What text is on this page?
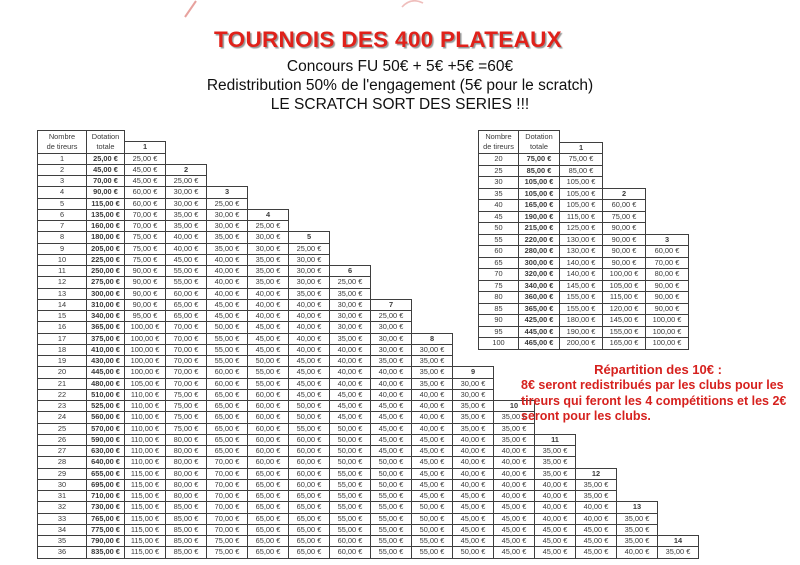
TOURNOIS DES 400 PLATEAUX
Concours FU 50€ + 5€ +5€ =60€
Redistribution 50% de l'engagement (5€ pour le scratch)
LE SCRATCH SORT DES SERIES !!!
Nombre
de tireurs

Dotation
totale

		1													
1	25,00 €	25,00 €													
2	45,00 €	45,00 €	2												
3	70,00 €	45,00 €	25,00 €												
4	90,00 €	60,00 €	30,00 €	3											
5	115,00 €	60,00 €	30,00 €	25,00 €											
6	135,00 €	70,00 €	35,00 €	30,00 €	4										
7	160,00 €	70,00 €	35,00 €	30,00 €	25,00 €										
8	180,00 €	75,00 €	40,00 €	35,00 €	30,00 €	5									
9	205,00 €	75,00 €	40,00 €	35,00 €	30,00 €	25,00 €									
10	225,00 €	75,00 €	45,00 €	40,00 €	35,00 €	30,00 €									
11	250,00 €	90,00 €	55,00 €	40,00 €	35,00 €	30,00 €	6								
12	275,00 €	90,00 €	55,00 €	40,00 €	35,00 €	30,00 €	25,00 €								
13	300,00 €	90,00 €	60,00 €	40,00 €	40,00 €	35,00 €	35,00 €								
14	310,00 €	90,00 €	65,00 €	45,00 €	40,00 €	40,00 €	30,00 €	7							
15	340,00 €	95,00 €	65,00 €	45,00 €	40,00 €	40,00 €	30,00 €	25,00 €							
16	365,00 €	100,00 €	70,00 €	50,00 €	45,00 €	40,00 €	30,00 €	30,00 €							
17	375,00 €	100,00 €	70,00 €	55,00 €	45,00 €	40,00 €	35,00 €	30,00 €	8						
18	410,00 €	100,00 €	70,00 €	55,00 €	45,00 €	40,00 €	40,00 €	30,00 €	30,00 €						
19	430,00 €	100,00 €	70,00 €	55,00 €	50,00 €	45,00 €	40,00 €	35,00 €	35,00 €						
20	445,00 €	100,00 €	70,00 €	60,00 €	55,00 €	45,00 €	40,00 €	40,00 €	35,00 €	9					
21	480,00 €	105,00 €	70,00 €	60,00 €	55,00 €	45,00 €	40,00 €	40,00 €	35,00 €	30,00 €					
22	510,00 €	110,00 €	75,00 €	65,00 €	60,00 €	45,00 €	45,00 €	40,00 €	40,00 €	30,00 €					
23	525,00 €	110,00 €	75,00 €	65,00 €	60,00 €	50,00 €	45,00 €	45,00 €	40,00 €	35,00 €	10				
24	560,00 €	110,00 €	75,00 €	65,00 €	60,00 €	50,00 €	45,00 €	45,00 €	40,00 €	35,00 €	35,00 €				
25	570,00 €	110,00 €	75,00 €	65,00 €	60,00 €	55,00 €	50,00 €	45,00 €	40,00 €	35,00 €	35,00 €				
26	590,00 €	110,00 €	80,00 €	65,00 €	60,00 €	60,00 €	50,00 €	45,00 €	45,00 €	40,00 €	35,00 €	11			
27	630,00 €	110,00 €	80,00 €	65,00 €	60,00 €	60,00 €	50,00 €	45,00 €	45,00 €	40,00 €	40,00 €	35,00 €			
28	640,00 €	110,00 €	80,00 €	70,00 €	60,00 €	60,00 €	50,00 €	50,00 €	45,00 €	40,00 €	40,00 €	35,00 €			
29	655,00 €	115,00 €	80,00 €	70,00 €	65,00 €	60,00 €	55,00 €	50,00 €	45,00 €	40,00 €	40,00 €	35,00 €	12		
30	695,00 €	115,00 €	80,00 €	70,00 €	65,00 €	60,00 €	55,00 €	50,00 €	45,00 €	40,00 €	40,00 €	40,00 €	35,00 €		
31	710,00 €	115,00 €	80,00 €	70,00 €	65,00 €	65,00 €	55,00 €	55,00 €	45,00 €	45,00 €	40,00 €	40,00 €	35,00 €		
32	730,00 €	115,00 €	85,00 €	70,00 €	65,00 €	65,00 €	55,00 €	55,00 €	50,00 €	45,00 €	45,00 €	40,00 €	40,00 €	13	
33	765,00 €	115,00 €	85,00 €	70,00 €	65,00 €	65,00 €	55,00 €	55,00 €	50,00 €	45,00 €	45,00 €	40,00 €	40,00 €	35,00 €	
34	775,00 €	115,00 €	85,00 €	70,00 €	65,00 €	65,00 €	55,00 €	55,00 €	50,00 €	45,00 €	45,00 €	45,00 €	45,00 €	35,00 €	
35	790,00 €	115,00 €	85,00 €	75,00 €	65,00 €	65,00 €	60,00 €	55,00 €	55,00 €	45,00 €	45,00 €	45,00 €	45,00 €	35,00 €	14
36	835,00 €	115,00 €	85,00 €	75,00 €	65,00 €	65,00 €	60,00 €	55,00 €	55,00 €	50,00 €	45,00 €	45,00 €	45,00 €	40,00 €	35,00 €
Nombre
de tireurs

Dotation
totale

		1		
20	75,00 €	75,00 €		
25	85,00 €	85,00 €		
30	105,00 €	105,00 €		
35	105,00 €	105,00 €	2	
40	165,00 €	105,00 €	60,00 €	
45	190,00 €	115,00 €	75,00 €	
50	215,00 €	125,00 €	90,00 €	
55	220,00 €	130,00 €	90,00 €	3
60	280,00 €	130,00 €	90,00 €	60,00 €
65	300,00 €	140,00 €	90,00 €	70,00 €
70	320,00 €	140,00 €	100,00 €	80,00 €
75	340,00 €	145,00 €	105,00 €	90,00 €
80	360,00 €	155,00 €	115,00 €	90,00 €
85	365,00 €	155,00 €	120,00 €	90,00 €
90	425,00 €	180,00 €	145,00 €	100,00 €
95	445,00 €	190,00 €	155,00 €	100,00 €
100	465,00 €	200,00 €	165,00 €	100,00 €
Répartition des 10€ :
8€ seront redistribués par les clubs pour les tireurs qui feront les 4 compétitions et les 2€ seront pour les clubs.
